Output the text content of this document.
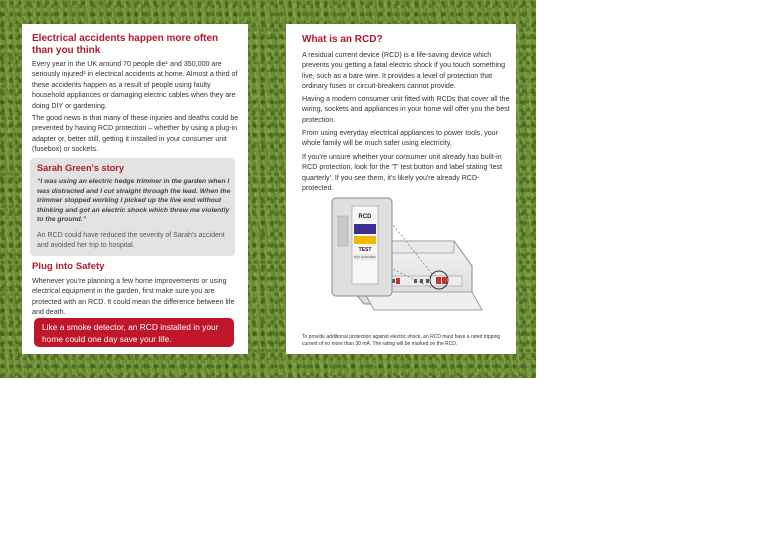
Electrical accidents happen more often than you think

Every year in the UK around 70 people die¹ and 350,000 are seriously injured² in electrical accidents at home. Almost a third of these accidents happen as a result of people using faulty household appliances or damaging electric cables when they are doing DIY or gardening.

The good news is that many of these injuries and deaths could be prevented by having RCD protection – whether by using a plug-in adapter or, better still, getting it installed in your consumer unit (fusebox) or sockets.

Sarah Green's story

“I was using an electric hedge trimmer in the garden when I was distracted and I cut straight through the lead. When the trimmer stopped working I picked up the live end without thinking and got an electric shock which threw me violently to the ground.”

An RCD could have reduced the severity of Sarah's accident and avoided her trip to hospital.

Plug into Safety

Whenever you're planning a few home improvements or using electrical equipment in the garden, first make sure you are protected with an RCD. It could mean the difference between life and death.

Like a smoke detector, an RCD installed in your home could one day save your life.
What is an RCD?

A residual current device (RCD) is a life-saving device which prevents you getting a fatal electric shock if you touch something live, such as a bare wire. It provides a level of protection that ordinary fuses or circuit-breakers cannot provide.

Having a modern consumer unit fitted with RCDs that cover all the wiring, sockets and appliances in your home will offer you the best protection.

From using everyday electrical appliances to power tools, your whole family will be much safer using electricity.

If you're unsure whether your consumer unit already has built-in RCD protection, look for the 'T' test button and label stating 'test quarterly'. If you see them, it's likely you're already RCD-protected.

RCD
TEST
TEST QUARTERLY

To provide additional protection against electric shock, an RCD must have a rated tripping current of no more than 30 mA. The rating will be marked on the RCD.
